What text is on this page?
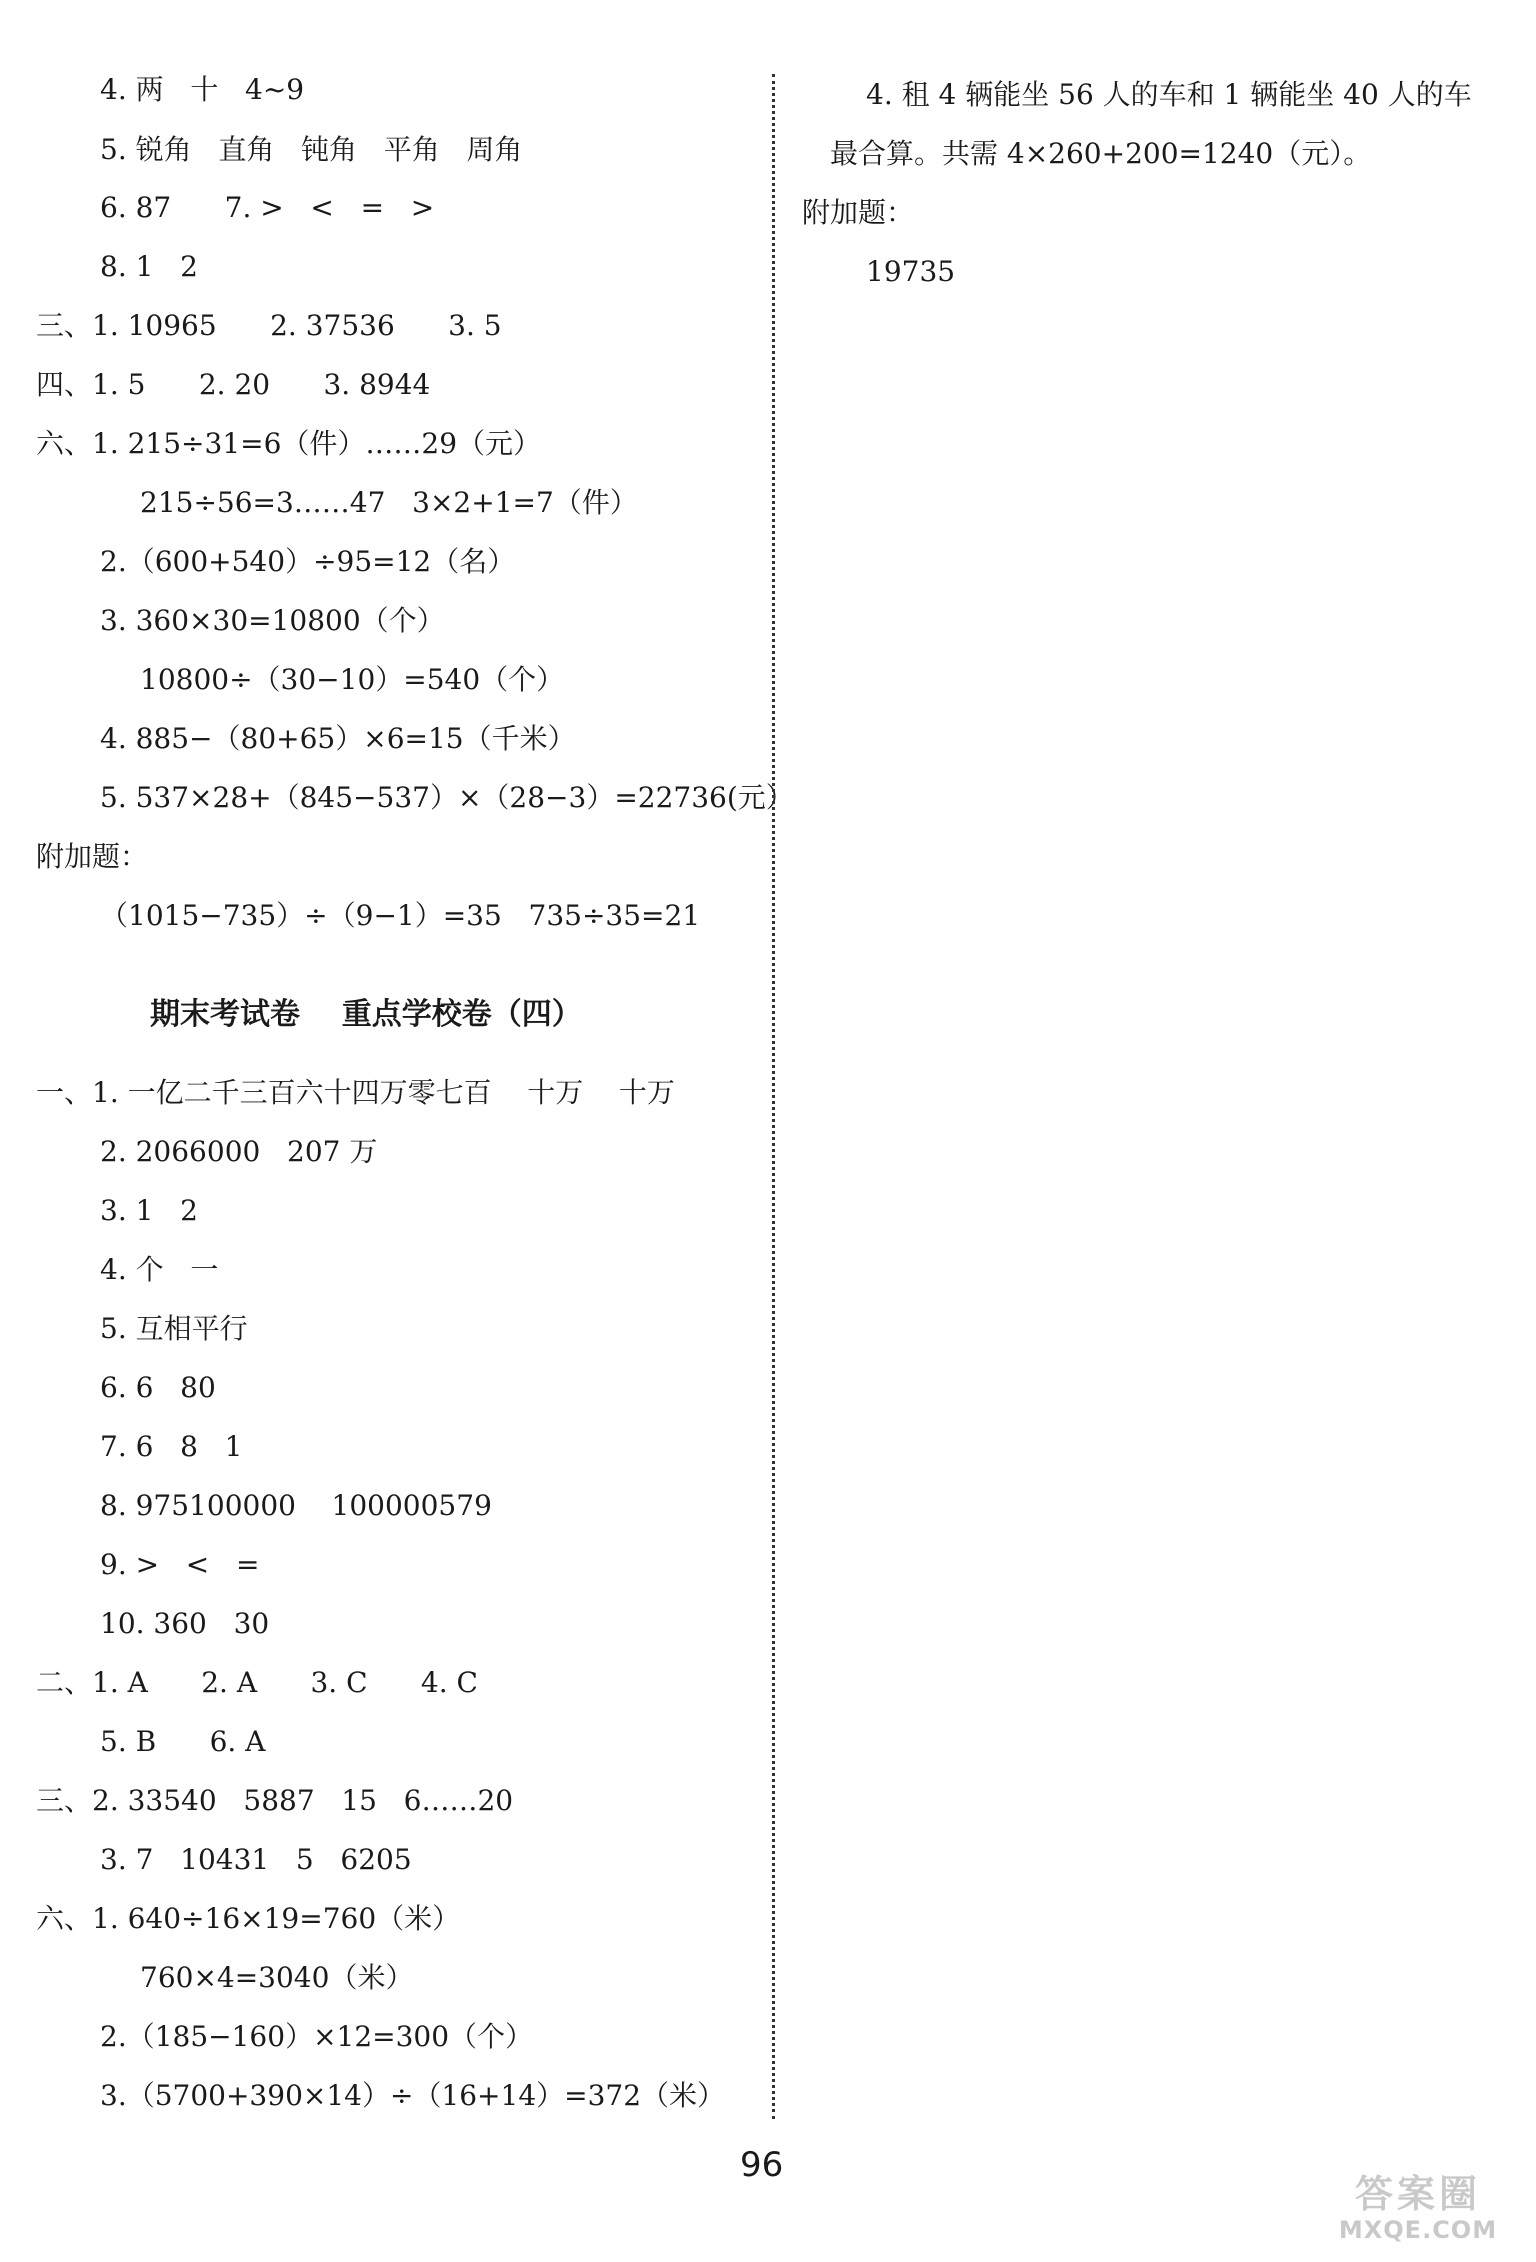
4. 两   十   4~9
5. 锐角   直角   钝角   平角   周角
6. 87      7. >   <   =   >
8. 1   2
三、1. 10965      2. 37536      3. 5
四、1. 5      2. 20      3. 8944
六、1. 215÷31=6（件）……29（元）
215÷56=3……47   3×2+1=7（件）
2.（600+540）÷95=12（名）
3. 360×30=10800（个）
10800÷（30−10）=540（个）
4. 885−（80+65）×6=15（千米）
5. 537×28+（845−537）×（28−3）=22736(元）
附加题：
（1015−735）÷（9−1）=35   735÷35=21
期末考试卷    重点学校卷（四）
一、1. 一亿二千三百六十四万零七百    十万    十万
2. 2066000   207 万
3. 1   2
4. 个   一
5. 互相平行
6. 6   80
7. 6   8   1
8. 975100000    100000579
9. >   <   =
10. 360   30
二、1. A      2. A      3. C      4. C
5. B      6. A
三、2. 33540   5887   15   6……20
3. 7   10431   5   6205
六、1. 640÷16×19=760（米）
760×4=3040（米）
2.（185−160）×12=300（个）
3.（5700+390×14）÷（16+14）=372（米）
4. 租 4 辆能坐 56 人的车和 1 辆能坐 40 人的车
最合算。共需 4×260+200=1240（元）。
附加题：
19735
96
答案圈
MXQE.COM
